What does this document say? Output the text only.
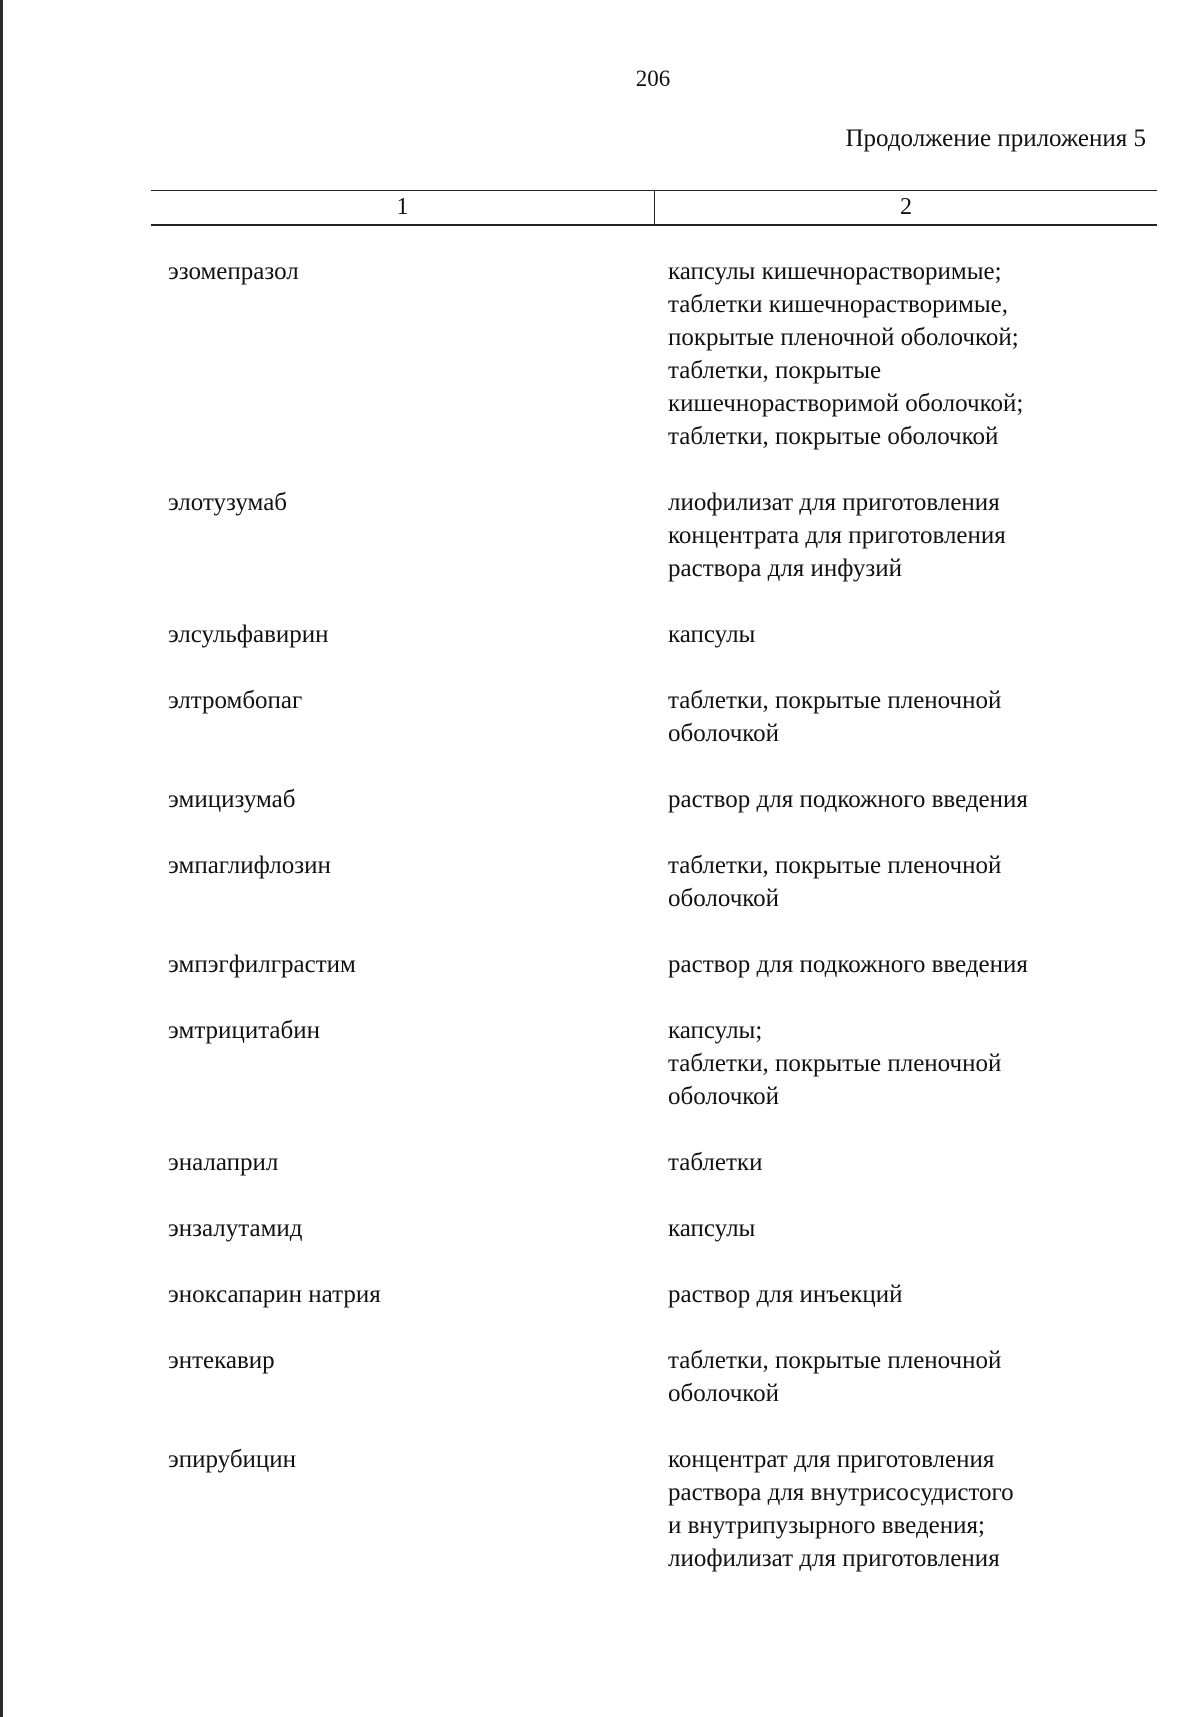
206
Продолжение приложения 5
1	2
эзомепразол	капсулы кишечнорастворимые;
таблетки кишечнорастворимые,
покрытые пленочной оболочкой;
таблетки, покрытые
кишечнорастворимой оболочкой;
таблетки, покрытые оболочкой
элотузумаб	лиофилизат для приготовления
концентрата для приготовления
раствора для инфузий
элсульфавирин	капсулы
элтромбопаг	таблетки, покрытые пленочной
оболочкой
эмицизумаб	раствор для подкожного введения
эмпаглифлозин	таблетки, покрытые пленочной
оболочкой
эмпэгфилграстим	раствор для подкожного введения
эмтрицитабин	капсулы;
таблетки, покрытые пленочной
оболочкой
эналаприл	таблетки
энзалутамид	капсулы
эноксапарин натрия	раствор для инъекций
энтекавир	таблетки, покрытые пленочной
оболочкой
эпирубицин	концентрат для приготовления
раствора для внутрисосудистого
и внутрипузырного введения;
лиофилизат для приготовления
